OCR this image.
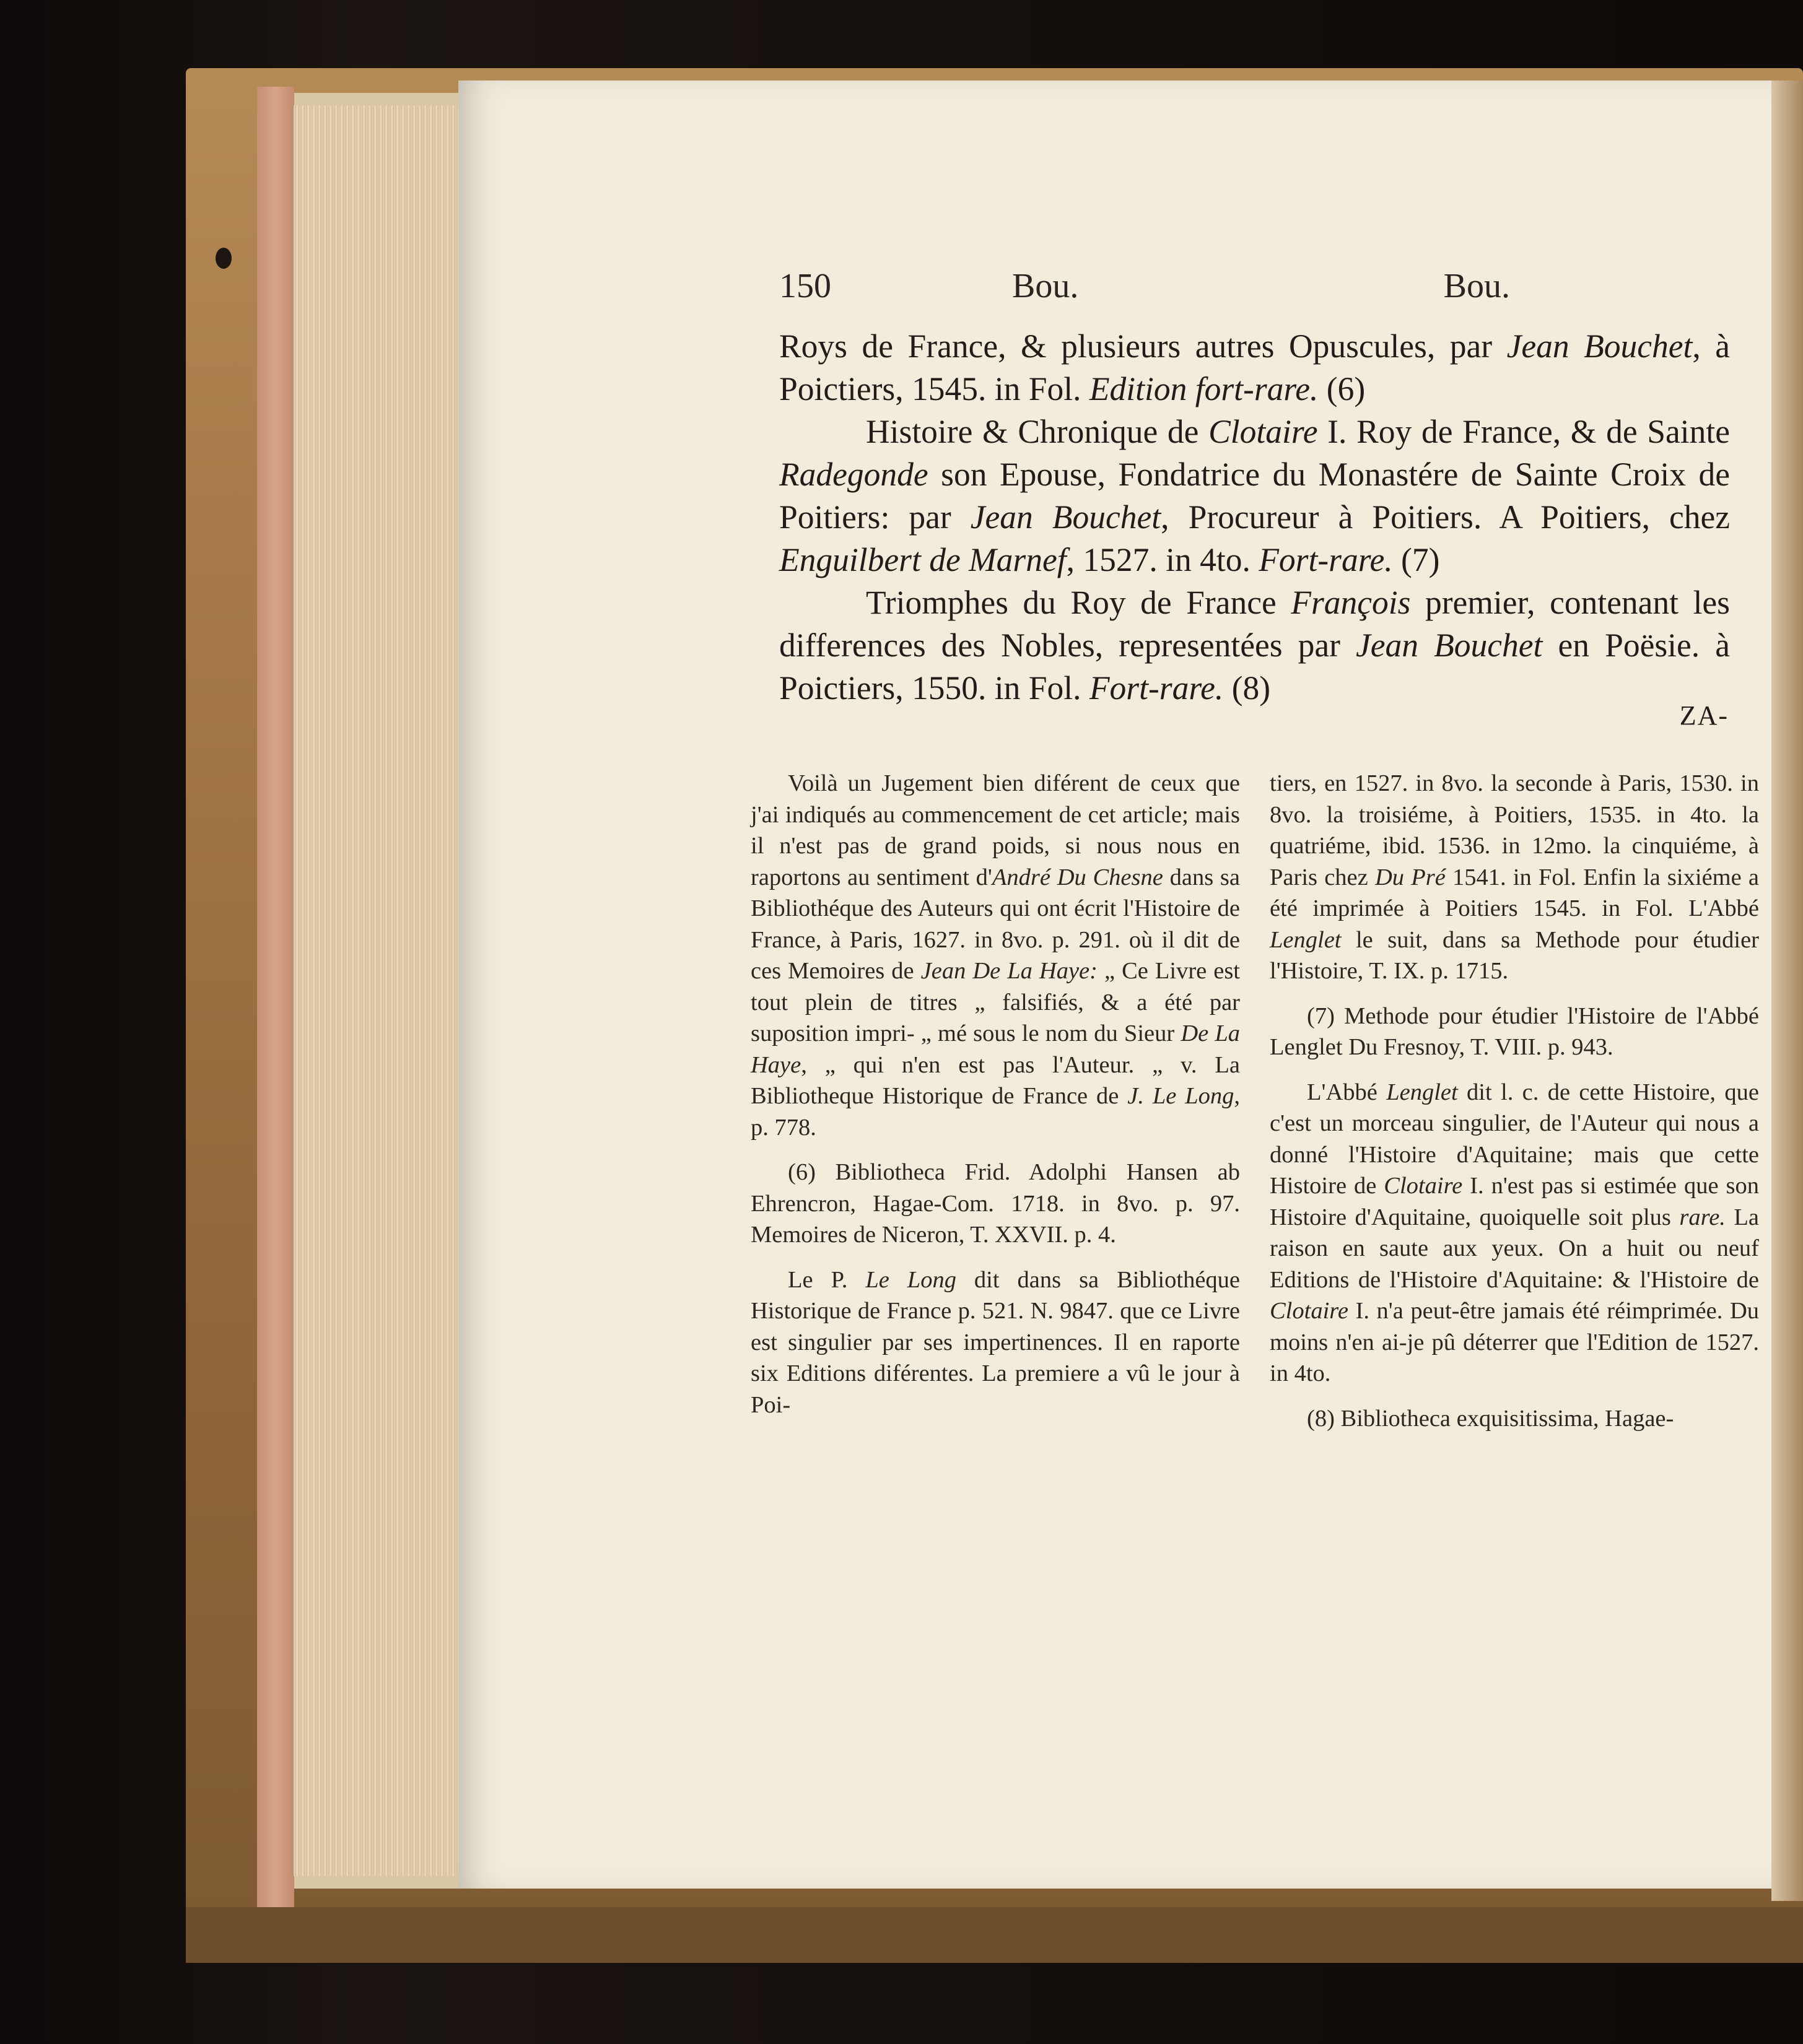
150	Bou.	Bou.

Roys de France, & plusieurs autres Opuscules, par Jean Bouchet, à Poictiers, 1545. in Fol. Edition fort-rare. (6)

Histoire & Chronique de Clotaire I. Roy de France, & de Sainte Radegonde son Epouse, Fondatrice du Monastére de Sainte Croix de Poitiers: par Jean Bouchet, Procureur à Poitiers. A Poitiers, chez Enguilbert de Marnef, 1527. in 4to. Fort-rare. (7)

Triomphes du Roy de France François premier, contenant les differences des Nobles, representées par Jean Bouchet en Poësie. à Poictiers, 1550. in Fol. Fort-rare. (8)

ZA-

Voilà un Jugement bien diférent de ceux que j'ai indiqués au commencement de cet article; mais il n'est pas de grand poids, si nous nous en raportons au sentiment d'André Du Chesne dans sa Bibliothéque des Auteurs qui ont écrit l'Histoire de France, à Paris, 1627. in 8vo. p. 291. où il dit de ces Memoires de Jean De La Haye: „ Ce Livre est tout plein de titres „ falsifiés, & a été par suposition impri- „ mé sous le nom du Sieur De La Haye, „ qui n'en est pas l'Auteur. „ v. La Bibliotheque Historique de France de J. Le Long, p. 778.

(6) Bibliotheca Frid. Adolphi Hansen ab Ehrencron, Hagae-Com. 1718. in 8vo. p. 97. Memoires de Niceron, T. XXVII. p. 4.

Le P. Le Long dit dans sa Bibliothéque Historique de France p. 521. N. 9847. que ce Livre est singulier par ses impertinences. Il en raporte six Editions diférentes. La premiere a vû le jour à Poi-

tiers, en 1527. in 8vo. la seconde à Paris, 1530. in 8vo. la troisiéme, à Poitiers, 1535. in 4to. la quatriéme, ibid. 1536. in 12mo. la cinquiéme, à Paris chez Du Pré 1541. in Fol. Enfin la sixiéme a été imprimée à Poitiers 1545. in Fol. L'Abbé Lenglet le suit, dans sa Methode pour étudier l'Histoire, T. IX. p. 1715.

(7) Methode pour étudier l'Histoire de l'Abbé Lenglet Du Fresnoy, T. VIII. p. 943.

L'Abbé Lenglet dit l. c. de cette Histoire, que c'est un morceau singulier, de l'Auteur qui nous a donné l'Histoire d'Aquitaine; mais que cette Histoire de Clotaire I. n'est pas si estimée que son Histoire d'Aquitaine, quoiquelle soit plus rare. La raison en saute aux yeux. On a huit ou neuf Editions de l'Histoire d'Aquitaine: & l'Histoire de Clotaire I. n'a peut-être jamais été réimprimée. Du moins n'en ai-je pû déterrer que l'Edition de 1527. in 4to.

(8) Bibliotheca exquisitissima, Hagae-
